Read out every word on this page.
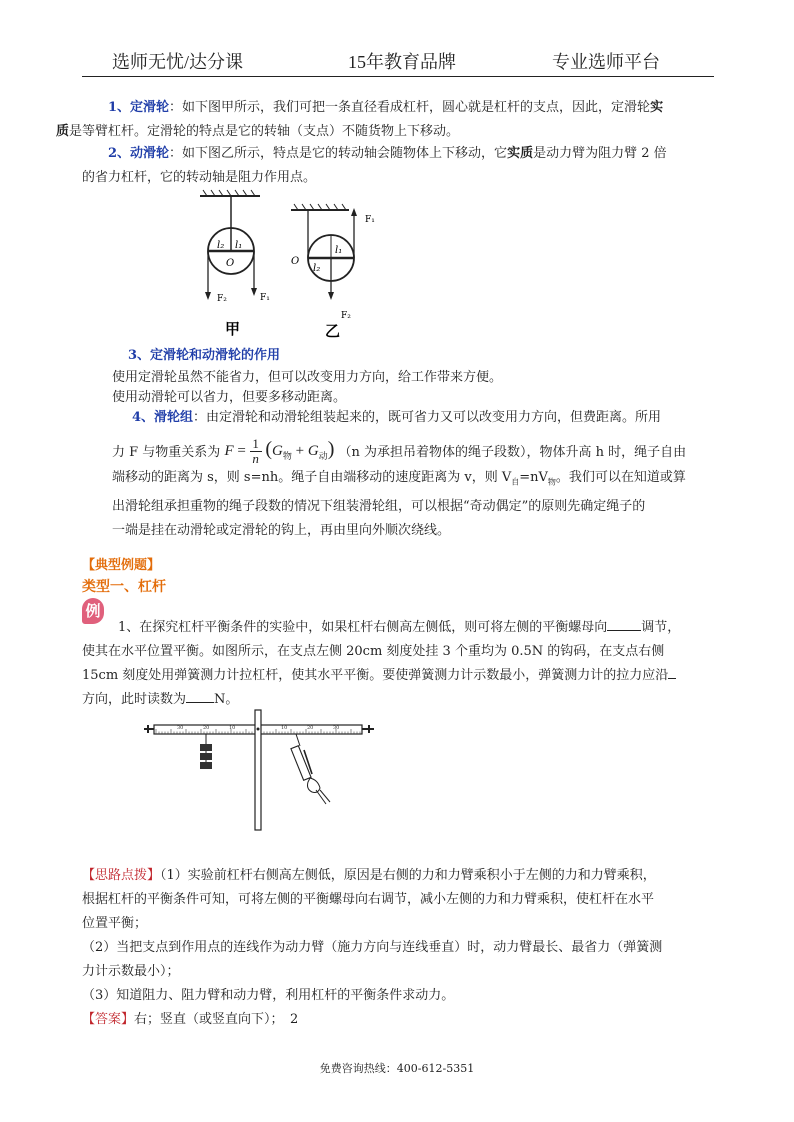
选师无忧/达分课	15年教育品牌	专业选师平台
1、定滑轮：如下图甲所示，我们可把一条直径看成杠杆，圆心就是杠杆的支点，因此，定滑轮实
质是等臂杠杆。定滑轮的特点是它的转轴（支点）不随货物上下移动。
2、动滑轮：如下图乙所示，特点是它的转动轴会随物体上下移动，它实质是动力臂为阻力臂 2 倍
的省力杠杆，它的转动轴是阻力作用点。
l₂ l₁
O
F₂	F₁
甲
l₁
l₂
O
F₁
F₂
乙
3、定滑轮和动滑轮的作用
使用定滑轮虽然不能省力，但可以改变用力方向，给工作带来方便。
使用动滑轮可以省力，但要多移动距离。
4、滑轮组：由定滑轮和动滑轮组装起来的，既可省力又可以改变用力方向，但费距离。所用
力 F 与物重关系为 $F = \frac{1}{n} (G_物 + G_动)$ （n 为承担吊着物体的绳子段数），物体升高 h 时，绳子自由
端移动的距离为 s，则 s=nh。绳子自由端移动的速度距离为 v，则 $V_自=nV_物$。我们可以在知道或算
出滑轮组承担重物的绳子段数的情况下组装滑轮组，可以根据“奇动偶定”的原则先确定绳子的
一端是挂在动滑轮或定滑轮的钩上，再由里向外顺次绕线。
【典型例题】
类型一、杠杆
例
1、在探究杠杆平衡条件的实验中，如果杠杆右侧高左侧低，则可将左侧的平衡螺母向	调节，
使其在水平位置平衡。如图所示，在支点左侧 20cm 刻度处挂 3 个重均为 0.5N 的钩码，在支点右侧
15cm 刻度处用弹簧测力计拉杠杆，使其水平平衡。要使弹簧测力计示数最小，弹簧测力计的拉力应沿
方向，此时读数为 N。
30	20	10	10	20	30
【思路点拨】（1）实验前杠杆右侧高左侧低，原因是右侧的力和力臂乘积小于左侧的力和力臂乘积，
根据杠杆的平衡条件可知，可将左侧的平衡螺母向右调节，减小左侧的力和力臂乘积，使杠杆在水平
位置平衡；
（2）当把支点到作用点的连线作为动力臂（施力方向与连线垂直）时，动力臂最长、最省力（弹簧测
力计示数最小）；
（3）知道阻力、阻力臂和动力臂，利用杠杆的平衡条件求动力。
【答案】右；竖直（或竖直向下）；　2
免费咨询热线：400-612-5351
